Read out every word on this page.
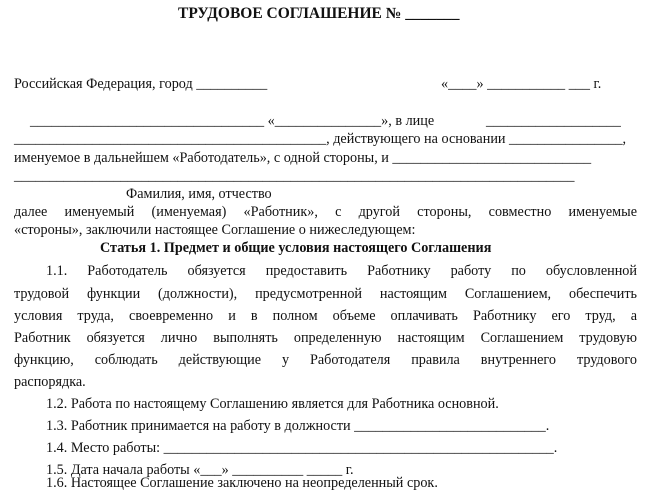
ТРУДОВОЕ СОГЛАШЕНИЕ № _______
Российская Федерация, город __________	«____» ___________ ___ г.
_________________________________ «_______________», в лице	___________________
____________________________________________, действующего на основании ________________,
именуемое в дальнейшем «Работодатель», с одной стороны, и ____________________________
_______________________________________________________________________________
Фамилия, имя, отчество
далее именуемый (именуемая) «Работник», с другой стороны, совместно именуемые
«стороны», заключили настоящее Соглашение о нижеследующем:
Статья 1. Предмет и общие условия настоящего Соглашения
1.1. Работодатель обязуется предоставить Работнику работу по обусловленной
трудовой функции (должности), предусмотренной настоящим Соглашением, обеспечить
условия труда, своевременно и в полном объеме оплачивать Работнику его труд, а
Работник обязуется лично выполнять определенную настоящим Соглашением трудовую
функцию, соблюдать действующие у Работодателя правила внутреннего трудового
распорядка.
1.2. Работа по настоящему Соглашению является для Работника основной.
1.3. Работник принимается на работу в должности ___________________________.
1.4. Место работы: _______________________________________________________.
1.5. Дата начала работы «___» __________ _____ г.
1.6. Настоящее Соглашение заключено на неопределенный срок.
